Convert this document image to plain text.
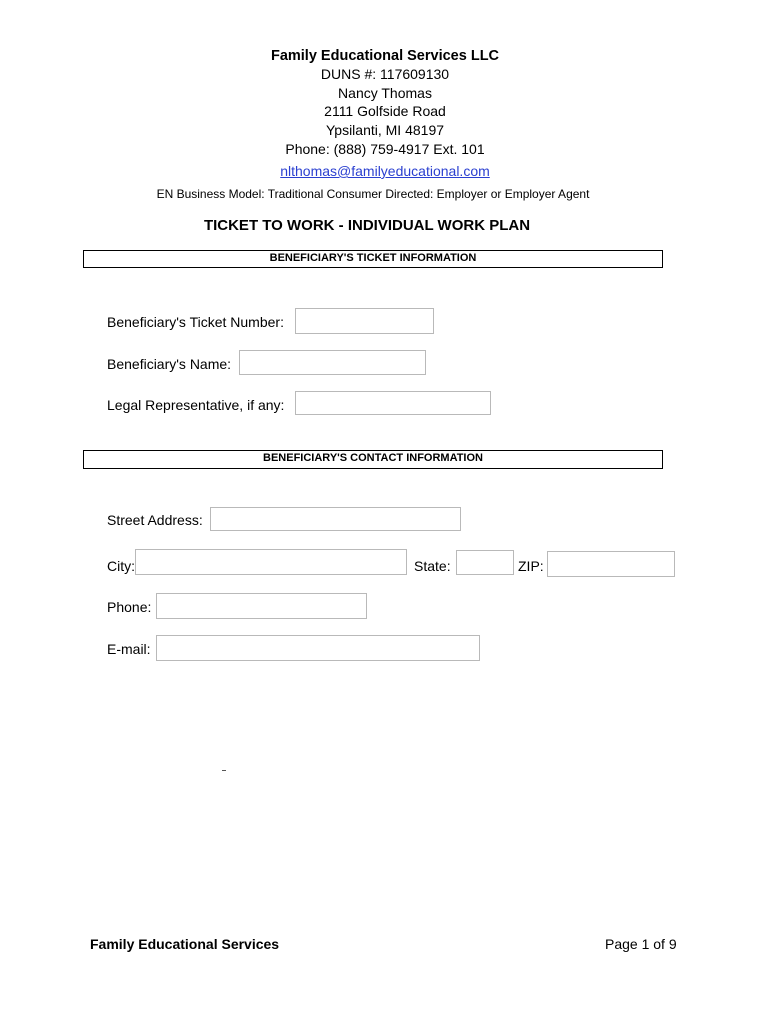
Family Educational Services LLC
DUNS #: 117609130
Nancy Thomas
2111 Golfside Road
Ypsilanti, MI 48197
Phone: (888) 759-4917 Ext. 101
nlthomas@familyeducational.com
EN Business Model: Traditional Consumer Directed: Employer or Employer Agent
TICKET TO WORK - INDIVIDUAL WORK PLAN
BENEFICIARY'S TICKET INFORMATION
Beneficiary's Ticket Number:
Beneficiary's Name:
Legal Representative, if any:
BENEFICIARY'S CONTACT INFORMATION
Street Address:
City:	State:	ZIP:
Phone:
E-mail:
Family Educational Services	Page 1 of 9
